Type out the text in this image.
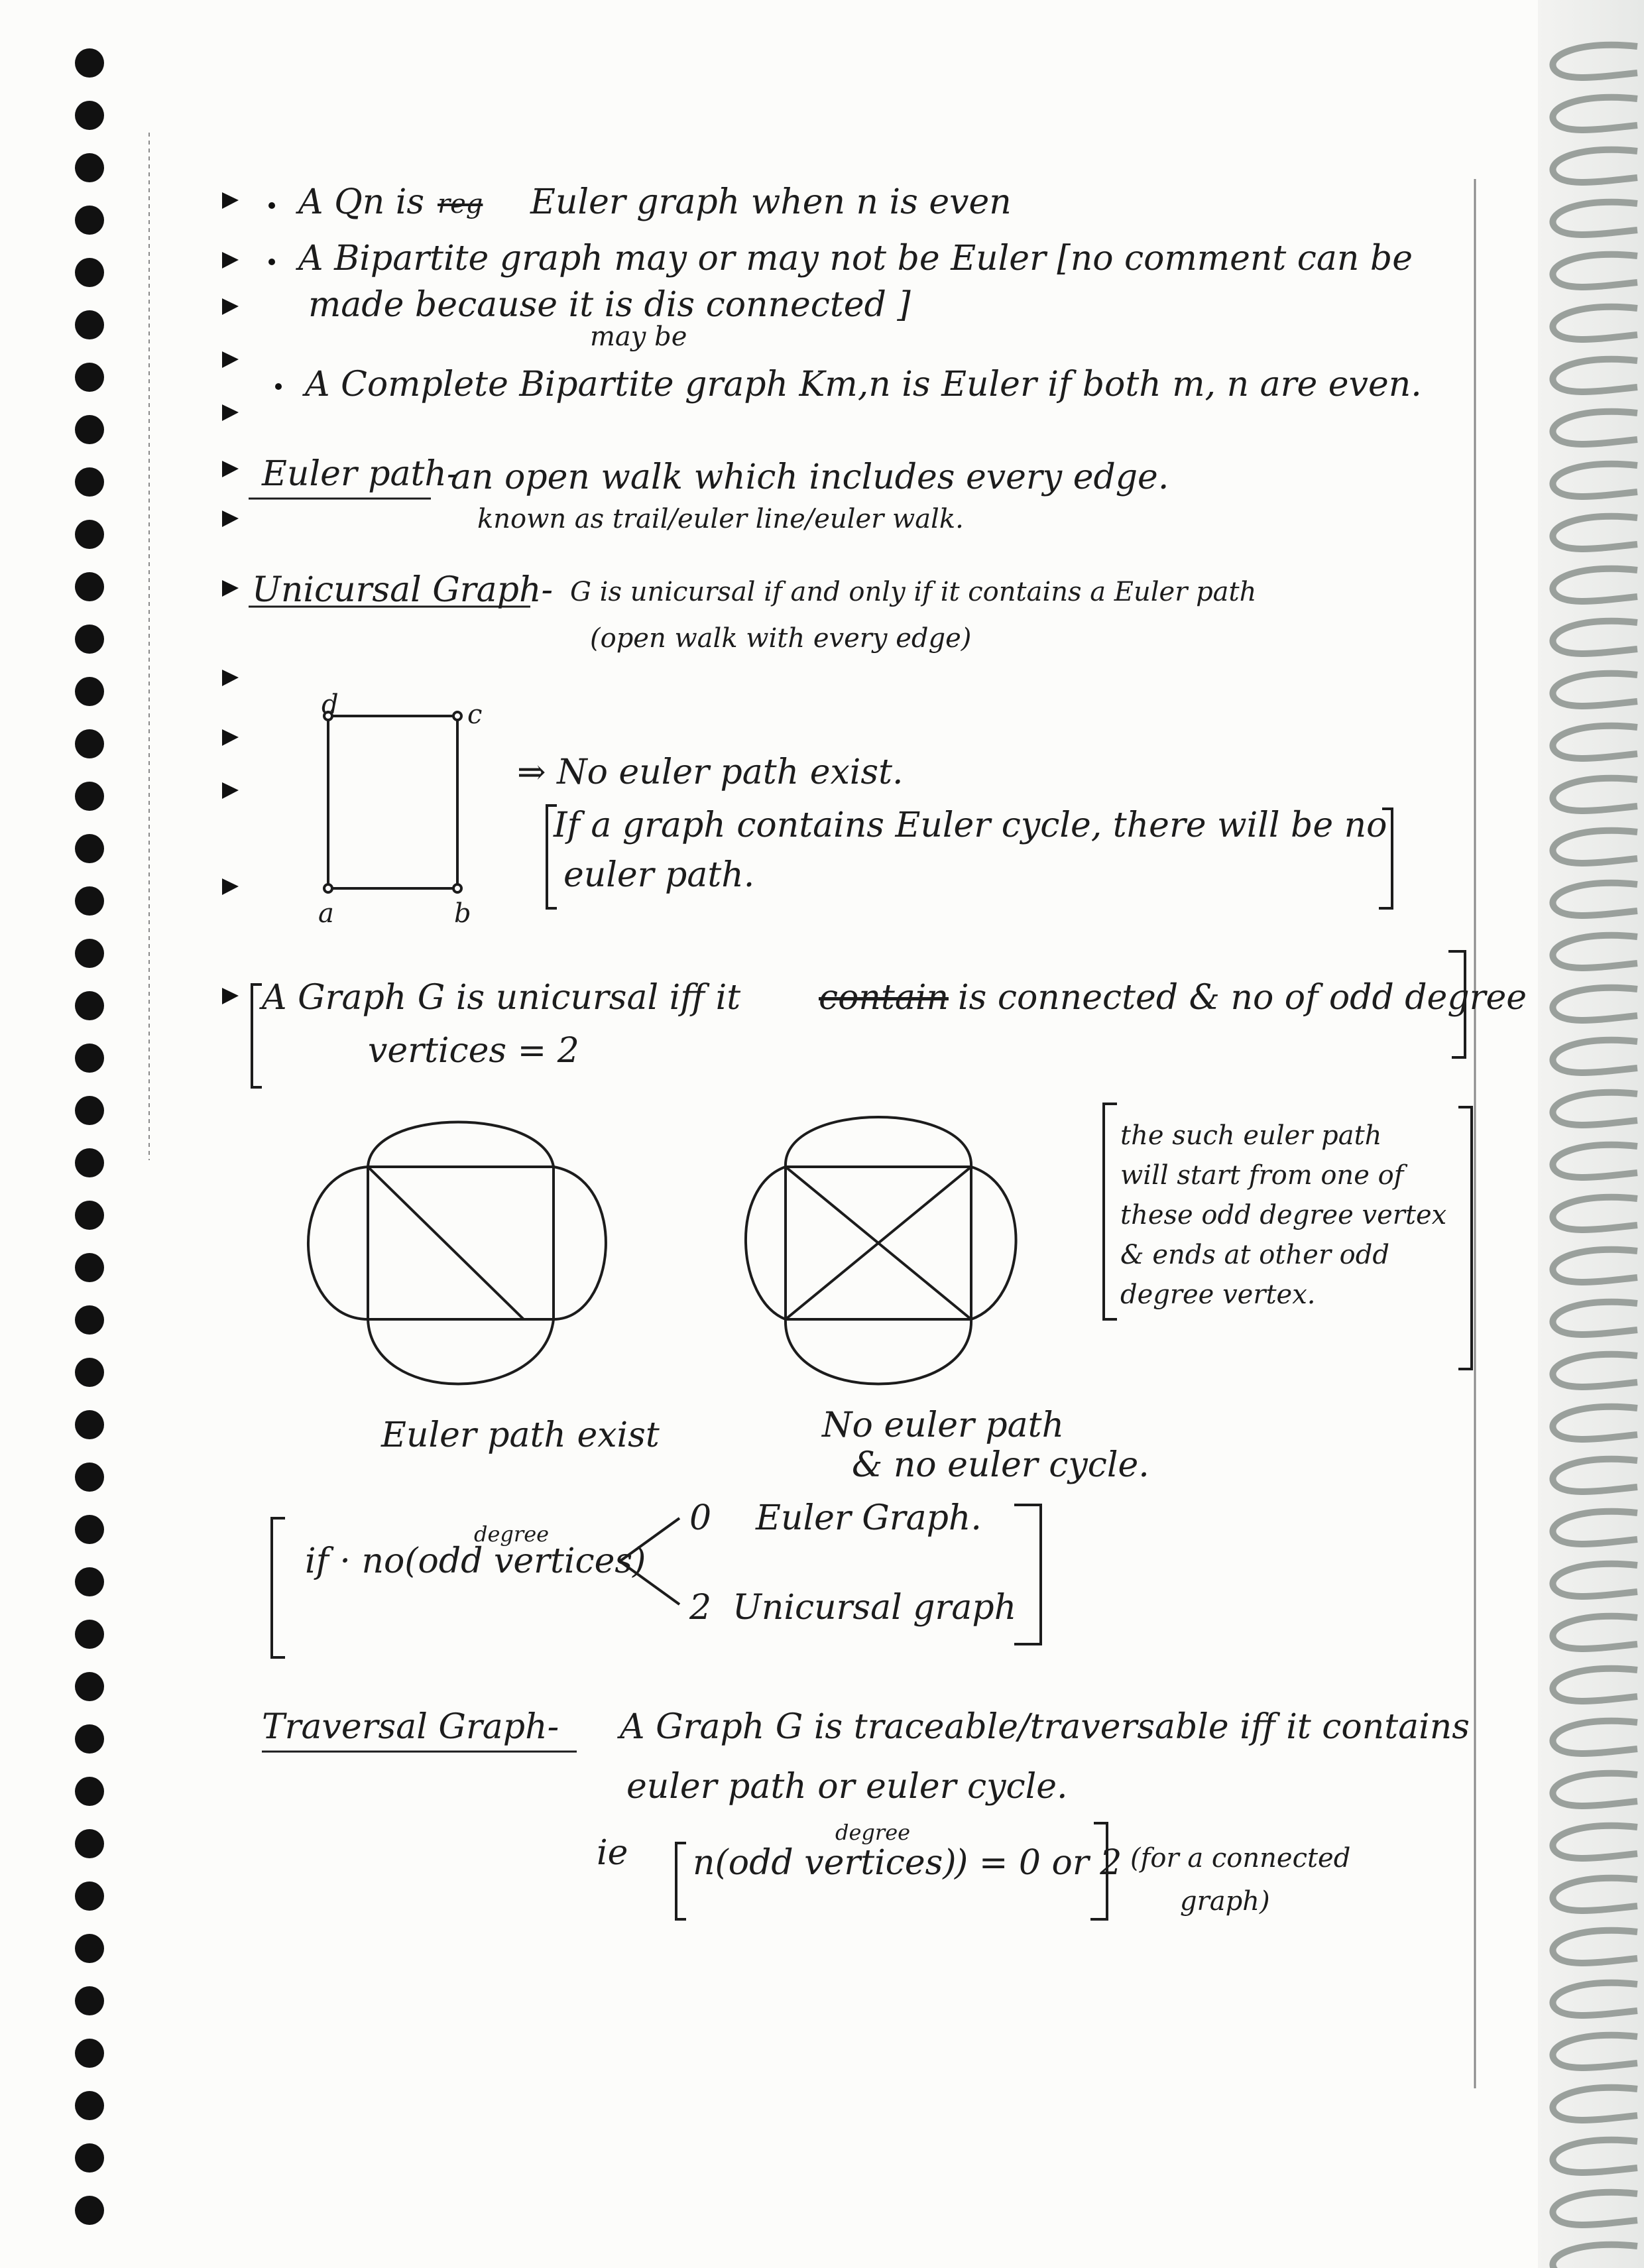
A Qn is reg Euler graph when n is even
A Bipartite graph may or may not be Euler [no comment can be
made because it is dis connected ]
may be
A Complete Bipartite graph Km,n is Euler if both m, n are even.
Euler path-
an open walk which includes every edge.
known as trail/euler line/euler walk.
Unicursal Graph- G is unicursal if and only if it contains a Euler path
(open walk with every edge)
d	c
a	b
⇒ No euler path exist.
If a graph contains Euler cycle, there will be no
euler path.
A Graph G is unicursal iff it contain is connected & no of odd degree
vertices = 2
the such euler path
will start from one of
these odd degree vertex
& ends at other odd
degree vertex.
Euler path exist	No euler path
& no euler cycle.
degree
if · no(odd vertices)
0 Euler Graph.
2 Unicursal graph
Traversal Graph- A Graph G is traceable/traversable iff it contains
euler path or euler cycle.
ie
degree
n(odd vertices)
) = 0 or 2 (for a connected
graph)
